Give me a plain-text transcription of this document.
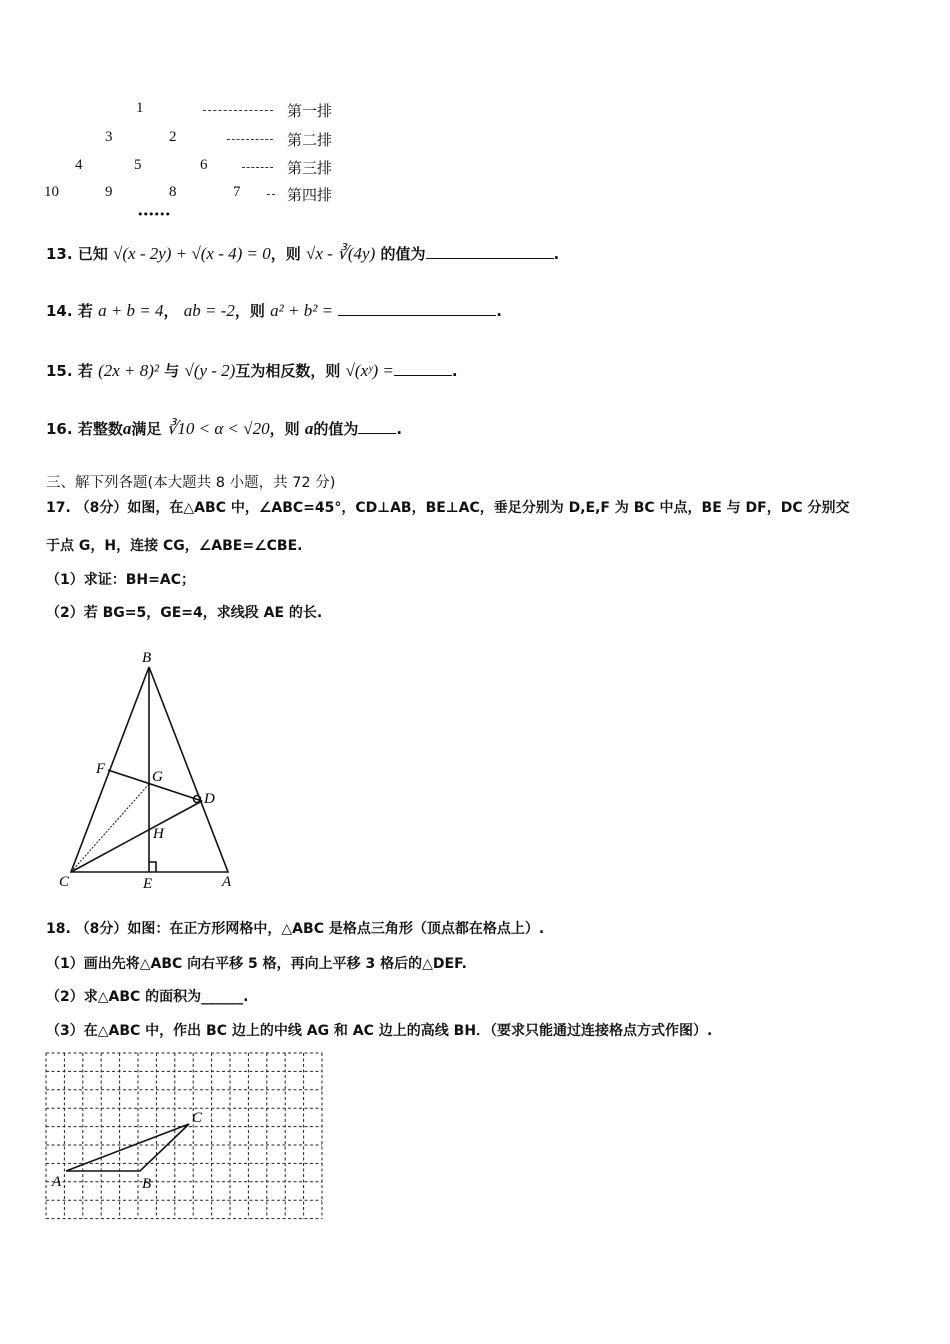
1	第一排
3	2	第二排
4	5	6	第三排
10	9	8	7	第四排
••••••
13. 已知 √(x - 2y) + √(x - 4) = 0，则 √x - ∛(4y) 的值为	.
14. 若 a + b = 4， ab = -2，则 a² + b² =	.
15. 若 (2x + 8)² 与 √(y - 2)互为相反数，则 √(xʸ) =	.
16. 若整数a满足 ∛10 < α < √20，则 a的值为	.
三、解下列各题(本大题共 8 小题，共 72 分)
17. （8分）如图，在△ABC 中，∠ABC=45°，CD⊥AB，BE⊥AC，垂足分别为 D,E,F 为 BC 中点，BE 与 DF，DC 分别交
于点 G，H，连接 CG，∠ABE=∠CBE.
（1）求证：BH=AC；
（2）若 BG=5，GE=4，求线段 AE 的长.
B
F	G
D
H
C	E	A
18. （8分）如图：在正方形网格中，△ABC 是格点三角形（顶点都在格点上）.
（1）画出先将△ABC 向右平移 5 格，再向上平移 3 格后的△DEF.
（2）求△ABC 的面积为______.
（3）在△ABC 中，作出 BC 边上的中线 AG 和 AC 边上的高线 BH．（要求只能通过连接格点方式作图）.
A	B
C
